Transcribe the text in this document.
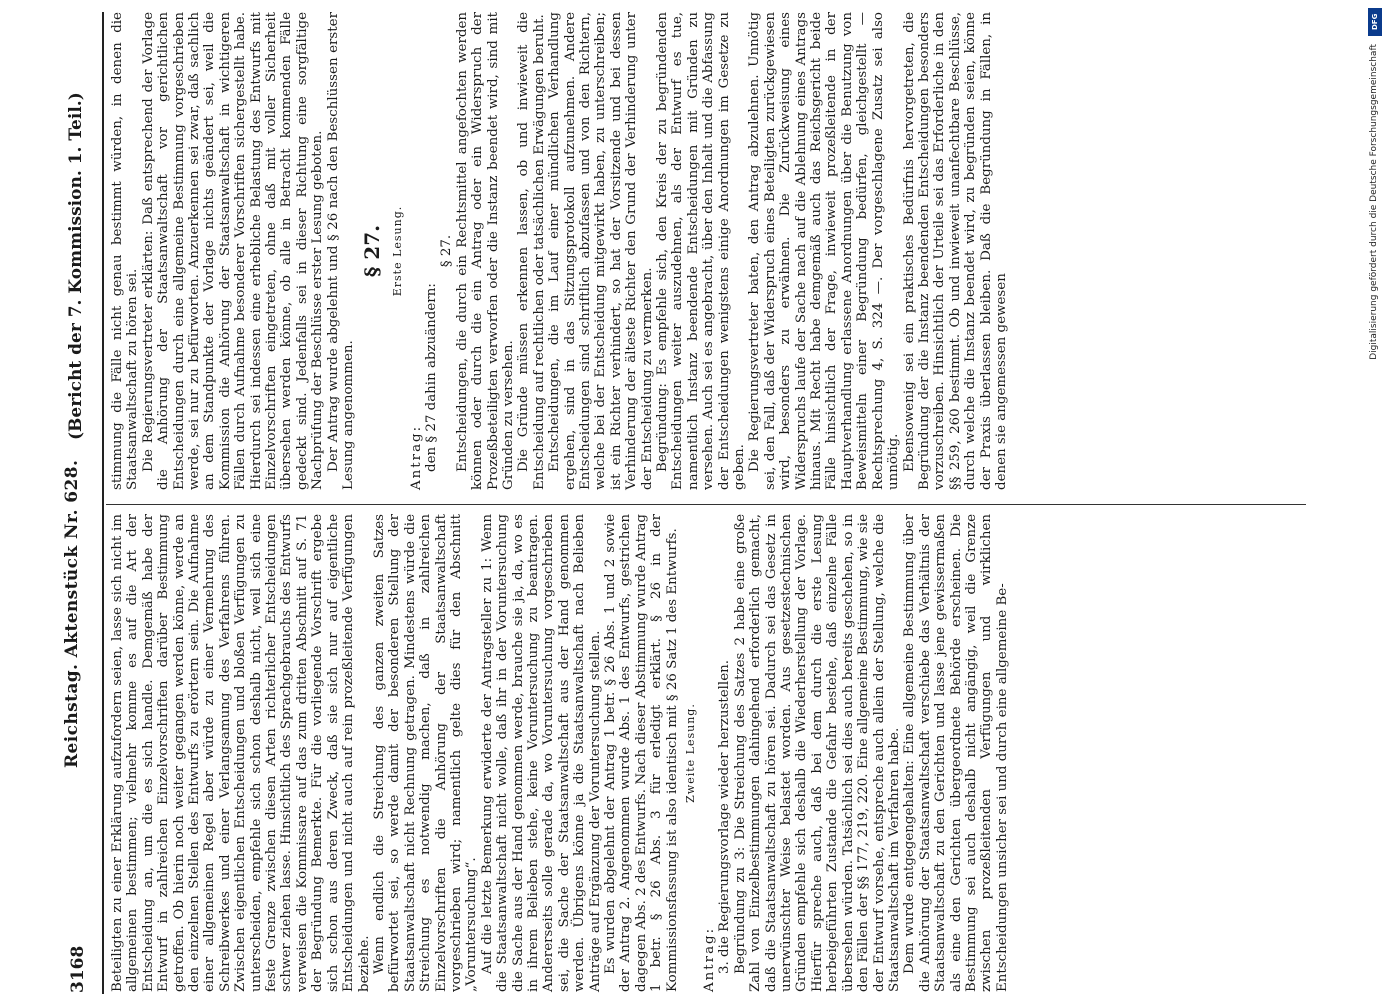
3168
Reichstag. Aktenstück Nr. 628.
(Bericht der 7. Kommission. 1. Teil.)

Beteiligten zu einer Erklärung aufzufordern seien, lasse sich nicht im allgemeinen bestimmen; vielmehr komme es auf die Art der Entscheidung an, um die es sich handle. Demgemäß habe der Entwurf in zahlreichen Einzelvorschriften darüber Bestimmung getroffen. Ob hierin noch weiter gegangen werden könne, werde an den einzelnen Stellen des Entwurfs zu erörtern sein. Die Aufnahme einer allgemeinen Regel aber würde zu einer Vermehrung des Schreibwerkes und einer Verlangsamung des Verfahrens führen. Zwischen eigentlichen Entscheidungen und bloßen Verfügungen zu unterscheiden, empfehle sich schon deshalb nicht, weil sich eine feste Grenze zwischen diesen Arten richterlicher Entscheidungen schwer ziehen lasse. Hinsichtlich des Sprachgebrauchs des Entwurfs verweisen die Kommissare auf das zum dritten Abschnitt auf S. 71 der Begründung Bemerkte. Für die vorliegende Vorschrift ergebe sich schon aus deren Zweck, daß sie sich nur auf eigentliche Entscheidungen und nicht auch auf rein prozeßleitende Verfügungen beziehe. Wenn endlich die Streichung des ganzen zweiten Satzes befürwortet sei, so werde damit der besonderen Stellung der Staatsanwaltschaft nicht Rechnung getragen. Mindestens würde die Streichung es notwendig machen, daß in zahlreichen Einzelvorschriften die Anhörung der Staatsanwaltschaft vorgeschrieben wird; namentlich gelte dies für den Abschnitt „Voruntersuchung“. Auf die letzte Bemerkung erwiderte der Antragsteller zu 1: Wenn die Staatsanwaltschaft nicht wolle, daß ihr in der Voruntersuchung die Sache aus der Hand genommen werde, brauche sie ja, da, wo es in ihrem Belieben stehe, keine Voruntersuchung zu beantragen. Andererseits solle gerade da, wo Voruntersuchung vorgeschrieben sei, die Sache der Staatsanwaltschaft aus der Hand genommen werden. Übrigens könne ja die Staatsanwaltschaft nach Belieben Anträge auf Ergänzung der Voruntersuchung stellen. Es wurden abgelehnt der Antrag 1 betr. § 26 Abs. 1 und 2 sowie der Antrag 2. Angenommen wurde Abs. 1 des Entwurfs, gestrichen dagegen Abs. 2 des Entwurfs. Nach dieser Abstimmung wurde Antrag 1 betr. § 26 Abs. 3 für erledigt erklärt. § 26 in der Kommissionsfassung ist also identisch mit § 26 Satz 1 des Entwurfs. Zweite Lesung.

Antrag: 3. die Regierungsvorlage wieder herzustellen. Begründung zu 3: Die Streichung des Satzes 2 habe eine große Zahl von Einzelbestimmungen dahingehend erforderlich gemacht, daß die Staatsanwaltschaft zu hören sei. Dadurch sei das Gesetz in unerwünschter Weise belastet worden. Aus gesetzestechnischen Gründen empfehle sich deshalb die Wiederherstellung der Vorlage. Hierfür spreche auch, daß bei dem durch die erste Lesung herbeigeführten Zustande die Gefahr bestehe, daß einzelne Fälle übersehen würden. Tatsächlich sei dies auch bereits geschehen, so in den Fällen der §§ 177, 219, 220. Eine allgemeine Bestimmung, wie sie der Entwurf vorsehe, entspreche auch allein der Stellung, welche die Staatsanwaltschaft im Verfahren habe. Dem wurde entgegengehalten: Eine allgemeine Bestimmung über die Anhörung der Staatsanwaltschaft verschiebe das Verhältnis der Staatsanwaltschaft zu den Gerichten und lasse jene gewissermaßen als eine den Gerichten übergeordnete Behörde erscheinen. Die Bestimmung sei auch deshalb nicht angängig, weil die Grenze zwischen prozeßleitenden Verfügungen und wirklichen Entscheidungen unsicher sei und durch eine allgemeine Be-

stimmung die Fälle nicht genau bestimmt würden, in denen die Staatsanwaltschaft zu hören sei. Die Regierungsvertreter erklärten: Daß entsprechend der Vorlage die Anhörung der Staatsanwaltschaft vor gerichtlichen Entscheidungen durch eine allgemeine Bestimmung vorgeschrieben werde, sei nur zu befürworten. Anzuerkennen sei zwar, daß sachlich an dem Standpunkte der Vorlage nichts geändert sei, weil die Kommission die Anhörung der Staatsanwaltschaft in wichtigeren Fällen durch Aufnahme besonderer Vorschriften sichergestellt habe. Hierdurch sei indessen eine erhebliche Belastung des Entwurfs mit Einzelvorschriften eingetreten, ohne daß mit voller Sicherheit übersehen werden könne, ob alle in Betracht kommenden Fälle gedeckt sind. Jedenfalls sei in dieser Richtung eine sorgfältige Nachprüfung der Beschlüsse erster Lesung geboten. Der Antrag wurde abgelehnt und § 26 nach den Beschlüssen erster Lesung angenommen.

§ 27. Erste Lesung.

Antrag: den § 27 dahin abzuändern:

§ 27. Entscheidungen, die durch ein Rechtsmittel angefochten werden können oder durch die ein Antrag oder ein Widerspruch der Prozeßbeteiligten verworfen oder die Instanz beendet wird, sind mit Gründen zu versehen. Die Gründe müssen erkennen lassen, ob und inwieweit die Entscheidung auf rechtlichen oder tatsächlichen Erwägungen beruht. Entscheidungen, die im Lauf einer mündlichen Verhandlung ergehen, sind in das Sitzungsprotokoll aufzunehmen. Andere Entscheidungen sind schriftlich abzufassen und von den Richtern, welche bei der Entscheidung mitgewirkt haben, zu unterschreiben; ist ein Richter verhindert, so hat der Vorsitzende und bei dessen Verhinderung der älteste Richter den Grund der Verhinderung unter der Entscheidung zu vermerken. Begründung: Es empfehle sich, den Kreis der zu begründenden Entscheidungen weiter auszudehnen, als der Entwurf es tue, namentlich Instanz beendende Entscheidungen mit Gründen zu versehen. Auch sei es angebracht, über den Inhalt und die Abfassung der Entscheidungen wenigstens einige Anordnungen im Gesetze zu geben. Die Regierungsvertreter baten, den Antrag abzulehnen. Unnötig sei, den Fall, daß der Widerspruch eines Beteiligten zurückgewiesen wird, besonders zu erwähnen. Die Zurückweisung eines Widerspruchs laufe der Sache nach auf die Ablehnung eines Antrags hinaus. Mit Recht habe demgemäß auch das Reichsgericht beide Fälle hinsichtlich der Frage, inwieweit prozeßleitende in der Hauptverhandlung erlassene Anordnungen über die Benutzung von Beweismitteln einer Begründung bedürfen, gleichgestellt — Rechtsprechung 4, S. 324 —. Der vorgeschlagene Zusatz sei also unnötig. Ebensowenig sei ein praktisches Bedürfnis hervorgetreten, die Begründung der die Instanz beendenden Entscheidungen besonders vorzuschreiben. Hinsichtlich der Urteile sei das Erforderliche in den §§ 259, 260 bestimmt. Ob und inwieweit unanfechtbare Beschlüsse, durch welche die Instanz beendet wird, zu begründen seien, könne der Praxis überlassen bleiben. Daß die Begründung in Fällen, in denen sie angemessen gewesen

DFG
Digitalisierung gefördert durch die Deutsche Forschungsgemeinschaft
